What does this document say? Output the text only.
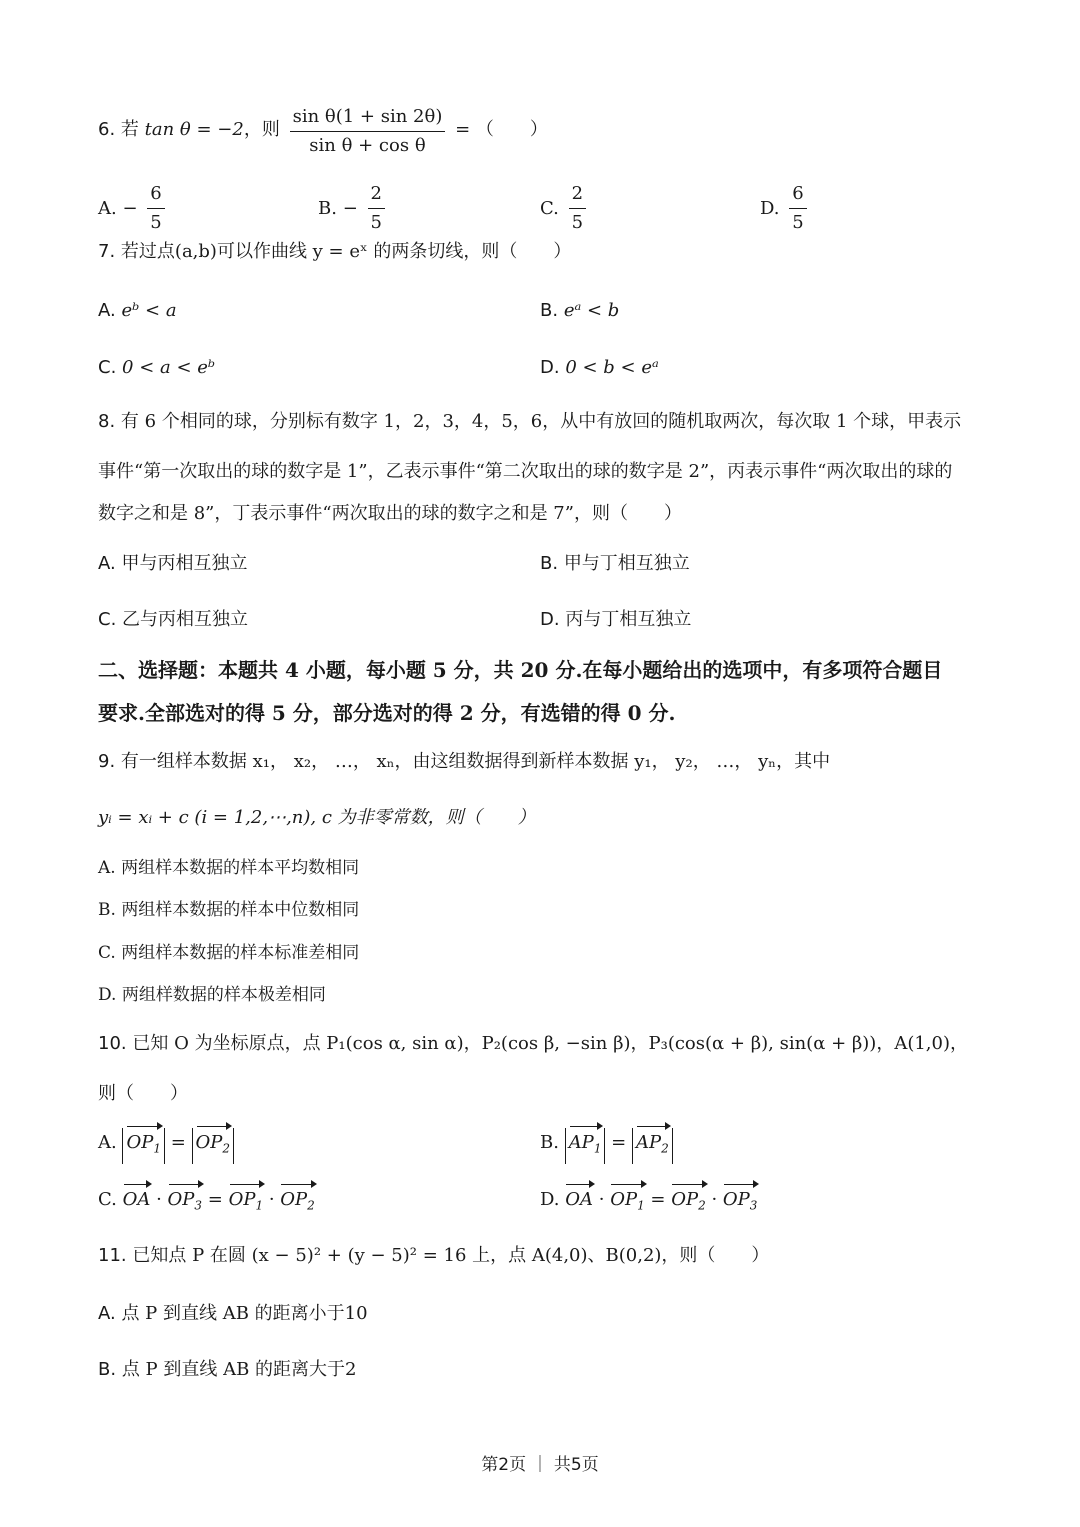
6. 若 tan θ = −2，则 $\frac{\text{sin θ(1 + sin 2θ)}}{\text{sin θ + cos θ}}$ = （　　）
A. − $\frac{6}{5}$	B. − $\frac{2}{5}$	C. $\frac{2}{5}$	D. $\frac{6}{5}$
7. 若过点(a,b)可以作曲线 y = eˣ 的两条切线，则（　　）
A. eᵇ < a	B. eᵃ < b
C. 0 < a < eᵇ	D. 0 < b < eᵃ
8. 有 6 个相同的球，分别标有数字 1，2，3，4，5，6，从中有放回的随机取两次，每次取 1 个球，甲表示
事件“第一次取出的球的数字是 1”，乙表示事件“第二次取出的球的数字是 2”，丙表示事件“两次取出的球的
数字之和是 8”，丁表示事件“两次取出的球的数字之和是 7”，则（　　）
A. 甲与丙相互独立	B. 甲与丁相互独立
C. 乙与丙相互独立	D. 丙与丁相互独立
二、选择题：本题共 4 小题，每小题 5 分，共 20 分.在每小题给出的选项中，有多项符合题目
要求.全部选对的得 5 分，部分选对的得 2 分，有选错的得 0 分.
9. 有一组样本数据 x₁， x₂， …， xₙ，由这组数据得到新样本数据 y₁， y₂， …， yₙ，其中
yᵢ = xᵢ + c (i = 1,2,⋯,n), c 为非零常数，则（　　）
A. 两组样本数据的样本平均数相同
B. 两组样本数据的样本中位数相同
C. 两组样本数据的样本标准差相同
D. 两组样数据的样本极差相同
10. 已知 O 为坐标原点，点 P₁(cos α, sin α)，P₂(cos β, −sin β)，P₃(cos(α + β), sin(α + β))，A(1,0)，
则（　　）
A. $OP_1 = OP_2$	B. $AP_1 = AP_2$
C. OA · $OP_3 = OP_1 \cdot OP_2$	D. OA · $OP_1 = OP_2 \cdot OP_3$
11. 已知点 P 在圆 (x − 5)² + (y − 5)² = 16 上，点 A(4,0)、B(0,2)，则（　　）
A. 点 P 到直线 AB 的距离小于10
B. 点 P 到直线 AB 的距离大于2
第2页 ｜ 共5页
